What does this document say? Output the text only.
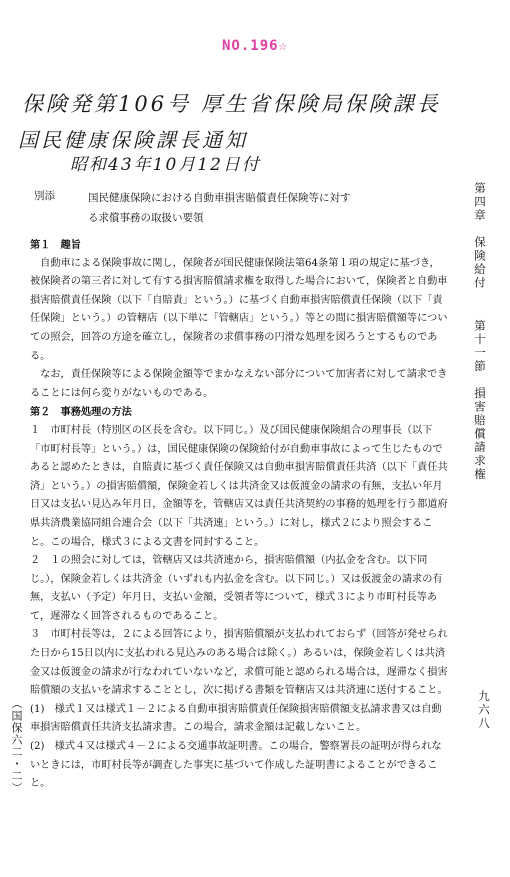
NO.196☆
保険発第106号 厚生省保険局保険課長
国民健康保険課長通知
昭和43年10月12日付
別添	国民健康保険における自動車損害賠償責任保険等に対す
る求償事務の取扱い要領

第１　趣旨

　自動車による保険事故に関し，保険者が国民健康保険法第64条第１項の規定に基づき，被保険者の第三者に対して有する損害賠償請求権を取得した場合において，保険者と自動車損害賠償責任保険（以下「自賠責」という。）に基づく自動車損害賠償責任保険（以下「責任保険」という。）の管轄店（以下単に「管轄店」という。）等との間に損害賠償額等についての照会，回答の方途を確立し，保険者の求償事務の円滑な処理を図ろうとするものである。

　なお，責任保険等による保険金額等でまかなえない部分について加害者に対して請求できることには何ら変りがないものである。

第２　事務処理の方法

１　市町村長（特別区の区長を含む。以下同じ。）及び国民健康保険組合の理事長（以下「市町村長等」という。）は，国民健康保険の保険給付が自動車事故によって生じたものであると認めたときは，自賠責に基づく責任保険又は自動車損害賠償責任共済（以下「責任共済」という。）の損害賠償額，保険金若しくは共済金又は仮渡金の請求の有無，支払い年月日又は支払い見込み年月日，金額等を，管轄店又は責任共済契約の事務的処理を行う都道府県共済農業協同組合連合会（以下「共済連」という。）に対し，様式２により照会すること。この場合，様式３による文書を同封すること。

２　１の照会に対しては，管轄店又は共済連から，損害賠償額（内払金を含む。以下同じ。），保険金若しくは共済金（いずれも内払金を含む。以下同じ。）又は仮渡金の請求の有無，支払い（予定）年月日，支払い金額，受領者等について，様式３により市町村長等あて，遅滞なく回答されるものであること。

３　市町村長等は，２による回答により，損害賠償額が支払われておらず（回答が発せられた日から15日以内に支払われる見込みのある場合は除く。）あるいは，保険金若しくは共済金又は仮渡金の請求が行なわれていないなど，求償可能と認められる場合は，遅滞なく損害賠償額の支払いを請求することとし，次に掲げる書類を管轄店又は共済連に送付すること。

(1)　様式１又は様式１－２による自動車損害賠償責任保険損害賠償額支払請求書又は自動車損害賠償責任共済支払請求書。この場合，請求金額は記載しないこと。

(2)　様式４又は様式４－２による交通事故証明書。この場合，警察署長の証明が得られないときには，市町村長等が調査した事実に基づいて作成した証明書によることができること。

第四章　保険給付  第十一節　損害賠償請求権
九六八
（国保六二・二）
